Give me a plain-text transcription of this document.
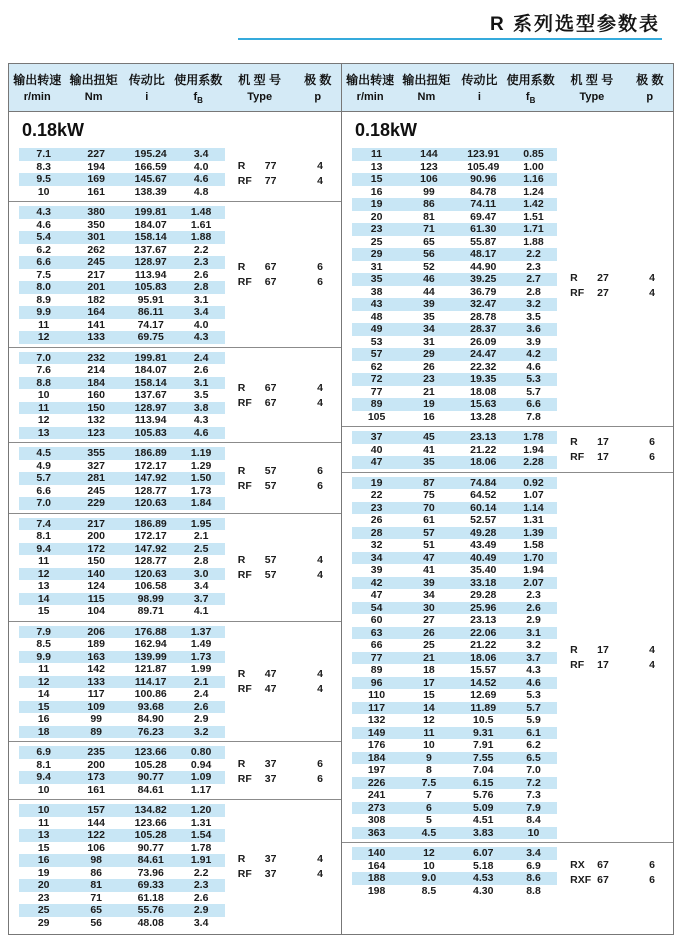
R 系列选型参数表
输出转速
r/min
输出扭矩
Nm
传动比
i
使用系数
$f_B$
机 型 号
Type
极 数
p
0.18kW
7.1	227	195.24	3.4
8.3	194	166.59	4.0
9.5	169	145.67	4.6
10	161	138.39	4.8
R	77	4
RF	77	4
4.3	380	199.81	1.48
4.6	350	184.07	1.61
5.4	301	158.14	1.88
6.2	262	137.67	2.2
6.6	245	128.97	2.3
7.5	217	113.94	2.6
8.0	201	105.83	2.8
8.9	182	95.91	3.1
9.9	164	86.11	3.4
11	141	74.17	4.0
12	133	69.75	4.3
R	67	6
RF	67	6
7.0	232	199.81	2.4
7.6	214	184.07	2.6
8.8	184	158.14	3.1
10	160	137.67	3.5
11	150	128.97	3.8
12	132	113.94	4.3
13	123	105.83	4.6
R	67	4
RF	67	4
4.5	355	186.89	1.19
4.9	327	172.17	1.29
5.7	281	147.92	1.50
6.6	245	128.77	1.73
7.0	229	120.63	1.84
R	57	6
RF	57	6
7.4	217	186.89	1.95
8.1	200	172.17	2.1
9.4	172	147.92	2.5
11	150	128.77	2.8
12	140	120.63	3.0
13	124	106.58	3.4
14	115	98.99	3.7
15	104	89.71	4.1
R	57	4
RF	57	4
7.9	206	176.88	1.37
8.5	189	162.94	1.49
9.9	163	139.99	1.73
11	142	121.87	1.99
12	133	114.17	2.1
14	117	100.86	2.4
15	109	93.68	2.6
16	99	84.90	2.9
18	89	76.23	3.2
R	47	4
RF	47	4
6.9	235	123.66	0.80
8.1	200	105.28	0.94
9.4	173	90.77	1.09
10	161	84.61	1.17
R	37	6
RF	37	6
10	157	134.82	1.20
11	144	123.66	1.31
13	122	105.28	1.54
15	106	90.77	1.78
16	98	84.61	1.91
19	86	73.96	2.2
20	81	69.33	2.3
23	71	61.18	2.6
25	65	55.76	2.9
29	56	48.08	3.4
R	37	4
RF	37	4
输出转速
r/min
输出扭矩
Nm
传动比
i
使用系数
$f_B$
机 型 号
Type
极 数
p
0.18kW
11	144	123.91	0.85
13	123	105.49	1.00
15	106	90.96	1.16
16	99	84.78	1.24
19	86	74.11	1.42
20	81	69.47	1.51
23	71	61.30	1.71
25	65	55.87	1.88
29	56	48.17	2.2
31	52	44.90	2.3
35	46	39.25	2.7
38	44	36.79	2.8
43	39	32.47	3.2
48	35	28.78	3.5
49	34	28.37	3.6
53	31	26.09	3.9
57	29	24.47	4.2
62	26	22.32	4.6
72	23	19.35	5.3
77	21	18.08	5.7
89	19	15.63	6.6
105	16	13.28	7.8
R	27	4
RF	27	4
37	45	23.13	1.78
40	41	21.22	1.94
47	35	18.06	2.28
R	17	6
RF	17	6
19	87	74.84	0.92
22	75	64.52	1.07
23	70	60.14	1.14
26	61	52.57	1.31
28	57	49.28	1.39
32	51	43.49	1.58
34	47	40.49	1.70
39	41	35.40	1.94
42	39	33.18	2.07
47	34	29.28	2.3
54	30	25.96	2.6
60	27	23.13	2.9
63	26	22.06	3.1
66	25	21.22	3.2
77	21	18.06	3.7
89	18	15.57	4.3
96	17	14.52	4.6
110	15	12.69	5.3
117	14	11.89	5.7
132	12	10.5	5.9
149	11	9.31	6.1
176	10	7.91	6.2
184	9	7.55	6.5
197	8	7.04	7.0
226	7.5	6.15	7.2
241	7	5.76	7.3
273	6	5.09	7.9
308	5	4.51	8.4
363	4.5	3.83	10
R	17	4
RF	17	4
140	12	6.07	3.4
164	10	5.18	6.9
188	9.0	4.53	8.6
198	8.5	4.30	8.8
RX	67	6
RXF 67	6
